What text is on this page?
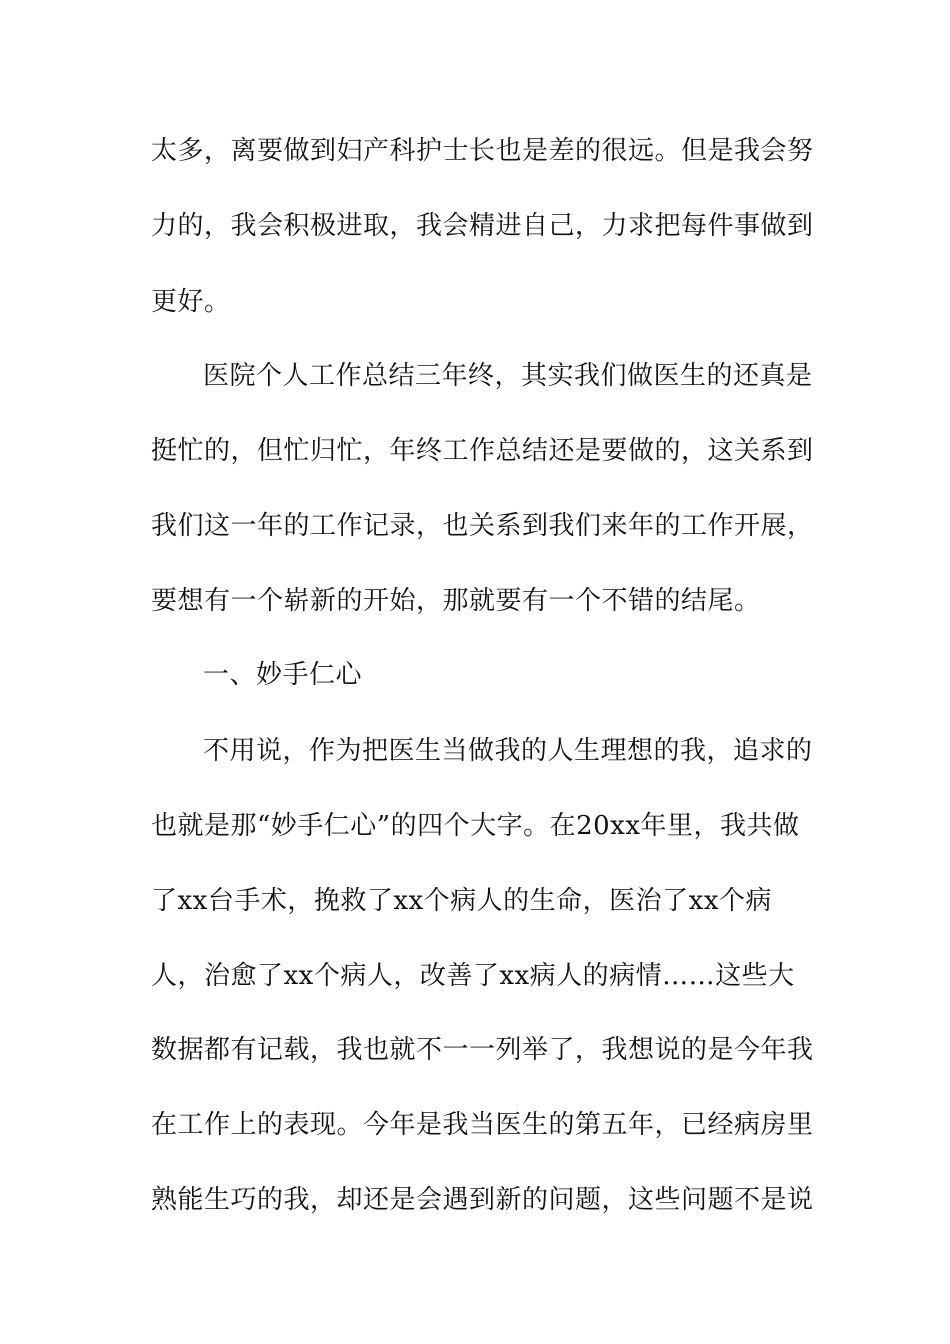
太多，离要做到妇产科护士长也是差的很远。但是我会努
力的，我会积极进取，我会精进自己，力求把每件事做到
更好。
医院个人工作总结三年终，其实我们做医生的还真是
挺忙的，但忙归忙，年终工作总结还是要做的，这关系到
我们这一年的工作记录，也关系到我们来年的工作开展，
要想有一个崭新的开始，那就要有一个不错的结尾。
一、妙手仁心
不用说，作为把医生当做我的人生理想的我，追求的
也就是那“妙手仁心”的四个大字。在20xx年里，我共做
了xx台手术，挽救了xx个病人的生命，医治了xx个病
人，治愈了xx个病人，改善了xx病人的病情……这些大
数据都有记载，我也就不一一列举了，我想说的是今年我
在工作上的表现。今年是我当医生的第五年，已经病房里
熟能生巧的我，却还是会遇到新的问题，这些问题不是说
